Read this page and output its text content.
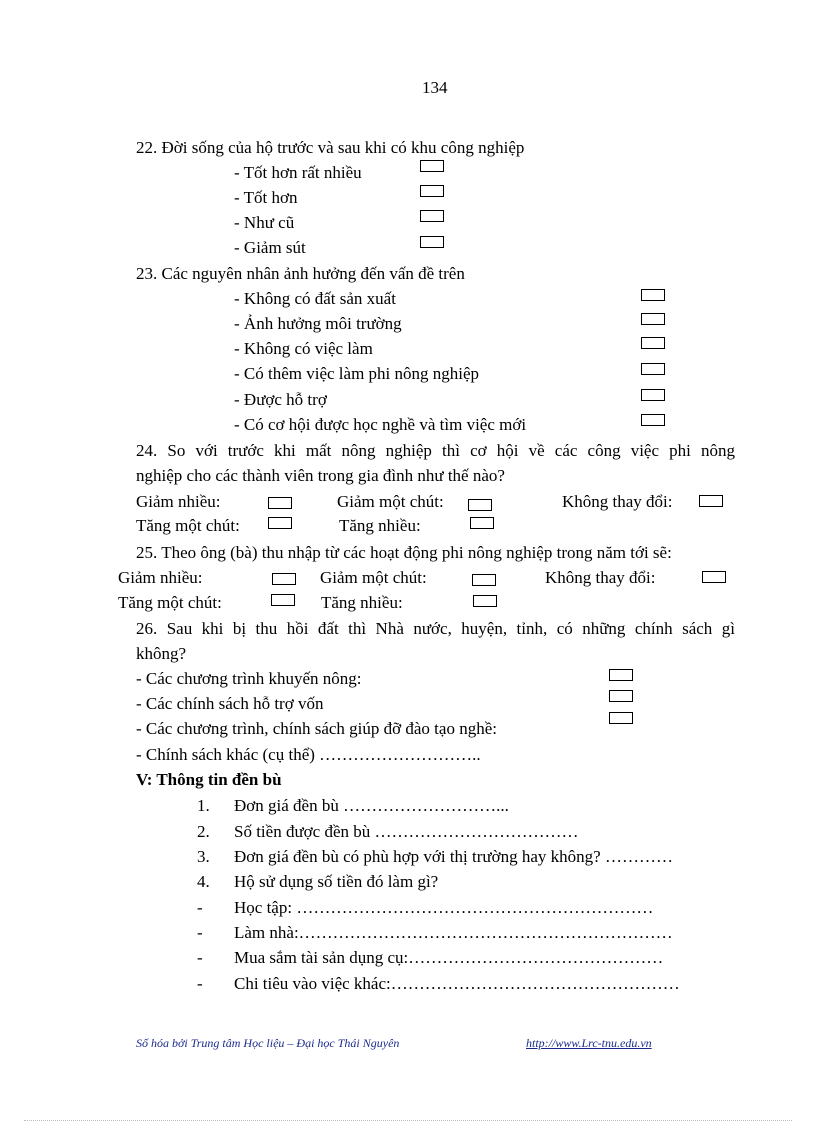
134
22. Đời sống của hộ trước và sau khi có khu công nghiệp
- Tốt hơn rất nhiều
- Tốt hơn
- Như cũ
- Giảm sút
23. Các nguyên nhân ảnh hưởng đến vấn đề trên
- Không có đất sản xuất
- Ảnh hưởng môi trường
- Không có việc làm
- Có thêm việc làm phi nông nghiệp
- Được hỗ trợ
- Có cơ hội được học nghề và tìm việc mới
24. So với trước khi mất nông nghiệp thì cơ hội về các công việc phi nông
nghiệp cho các thành viên trong gia đình như thế nào?
Giảm nhiều:	Giảm một chút:	Không thay đổi:
Tăng một chút:	Tăng nhiều:
25. Theo ông (bà) thu nhập từ các hoạt động phi nông nghiệp trong năm tới sẽ:
Giảm nhiều:	Giảm một chút:	Không thay đổi:
Tăng một chút:	Tăng nhiều:
26. Sau khi bị thu hồi đất thì Nhà nước, huyện, tỉnh, có những chính sách gì
không?
- Các chương trình khuyến nông:
- Các chính sách hỗ trợ vốn
- Các chương trình, chính sách giúp đỡ đào tạo nghề:
- Chính sách khác (cụ thể) ………………………..
V: Thông tin đền bù
1. Đơn giá đền bù ………………………...
2. Số tiền được đền bù ………………………………
3. Đơn giá đền bù có phù hợp với thị trường hay không? …………
4. Hộ sử dụng số tiền đó làm gì?
- Học tập: ………………………………………………………
- Làm nhà:…………………………………………………………
- Mua sắm tài sản dụng cụ:………………………………………
- Chi tiêu vào việc khác:……………………………………………
Số hóa bởi Trung tâm Học liệu – Đại học Thái Nguyên	http://www.Lrc-tnu.edu.vn
